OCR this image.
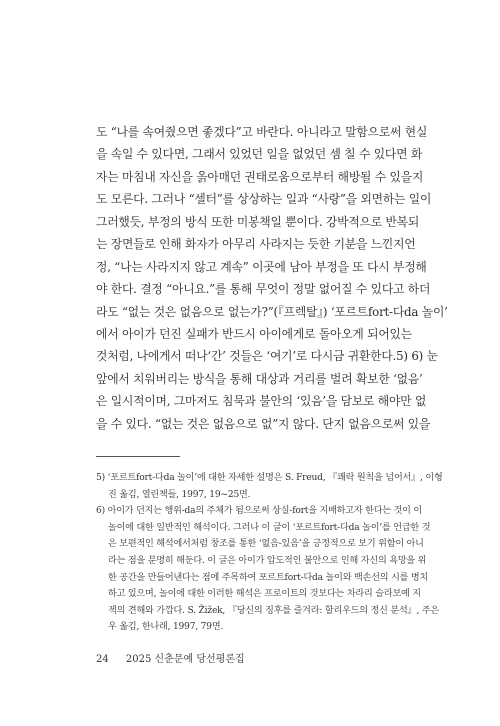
도 “나를 속여줬으면 좋겠다”고 바란다. 아니라고 말함으로써 현실
을 속일 수 있다면, 그래서 있었던 일을 없었던 셈 칠 수 있다면 화
자는 마침내 자신을 옭아매던 권태로움으로부터 해방될 수 있을지
도 모른다. 그러나 “셀터”를 상상하는 일과 “사랑”을 외면하는 일이
그러했듯, 부정의 방식 또한 미봉책일 뿐이다. 강박적으로 반복되
는 장면들로 인해 화자가 아무리 사라지는 듯한 기분을 느낀지언
정, “나는 사라지지 않고 계속” 이곳에 남아 부정을 또 다시 부정해
야 한다. 결정 “아니요.”를 통해 무엇이 정말 없어질 수 있다고 하더
라도 “없는 것은 없음으로 없는가?”(『프렉탈』) ‘포르트fort-다da 놀이’
에서 아이가 던진 실패가 반드시 아이에게로 돌아오게 되어있는
것처럼, 나에게서 떠나‘간’ 것들은 ‘여기’로 다시금 귀환한다.5) 6) 눈
앞에서 치워버리는 방식을 통해 대상과 거리를 벌려 확보한 ‘없음’
은 일시적이며, 그마저도 침묵과 불안의 ‘있음’을 담보로 해야만 없
을 수 있다. “없는 것은 없음으로 없”지 않다. 단지 없음으로써 있을
5) ‘포르트fort-다da 놀이’에 대한 자세한 설명은 S. Freud, 『쾌락 원칙을 넘어서』, 이형
진 옮김, 열린책들, 1997, 19~25면.
6) 아이가 던지는 행위-da의 주체가 됨으로써 상실-fort을 지배하고자 한다는 것이 이
놀이에 대한 일반적인 해석이다. 그러나 이 글이 ‘포르트fort-다da 놀이’를 언급한 것
은 보편적인 해석에서처럼 창조를 통한 ‘없음-있음’을 긍정적으로 보기 위함이 아니
라는 점을 분명히 해둔다. 이 글은 아이가 압도적인 불안으로 인해 자신의 욕망을 위
한 공간을 만들어낸다는 점에 주목하여 포르트fort-다da 놀이와 백손선의 시를 병치
하고 있으며, 놀이에 대한 이러한 해석은 프로이트의 것보다는 차라리 슬라보예 지
젝의 견해와 가깝다. S. Žižek, 『당신의 징후를 즐겨라: 할리우드의 정신 분석』, 주은
우 옮김, 한나래, 1997, 79면.
24 2025 신춘문예 당선평론집
